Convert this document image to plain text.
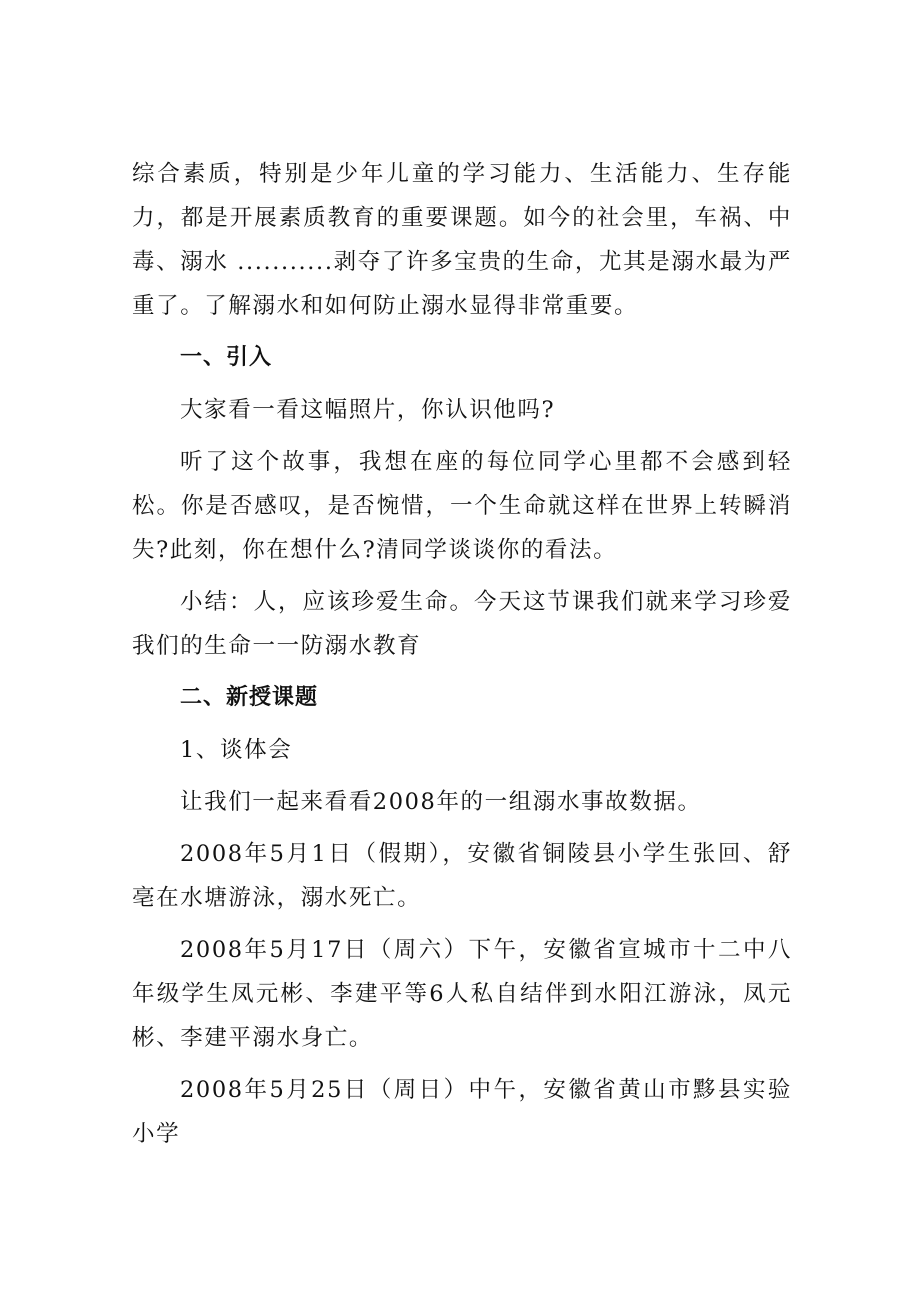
综合素质，特别是少年儿童的学习能力、生活能力、生存能力，都是开展素质教育的重要课题。如今的社会里，车祸、中毒、溺水 ...........剥夺了许多宝贵的生命，尤其是溺水最为严重了。了解溺水和如何防止溺水显得非常重要。

一、引入

大家看一看这幅照片，你认识他吗?

听了这个故事，我想在座的每位同学心里都不会感到轻松。你是否感叹，是否惋惜，一个生命就这样在世界上转瞬消失?此刻，你在想什么?清同学谈谈你的看法。

小结：人，应该珍爱生命。今天这节课我们就来学习珍爱我们的生命一一防溺水教育

二、新授课题

1、谈体会

让我们一起来看看2008年的一组溺水事故数据。

2008年5月1日（假期），安徽省铜陵县小学生张回、舒亳在水塘游泳，溺水死亡。

2008年5月17日（周六）下午，安徽省宣城市十二中八年级学生凤元彬、李建平等6人私自结伴到水阳江游泳，凤元彬、李建平溺水身亡。

2008年5月25日（周日）中午，安徽省黄山市黟县实验小学
